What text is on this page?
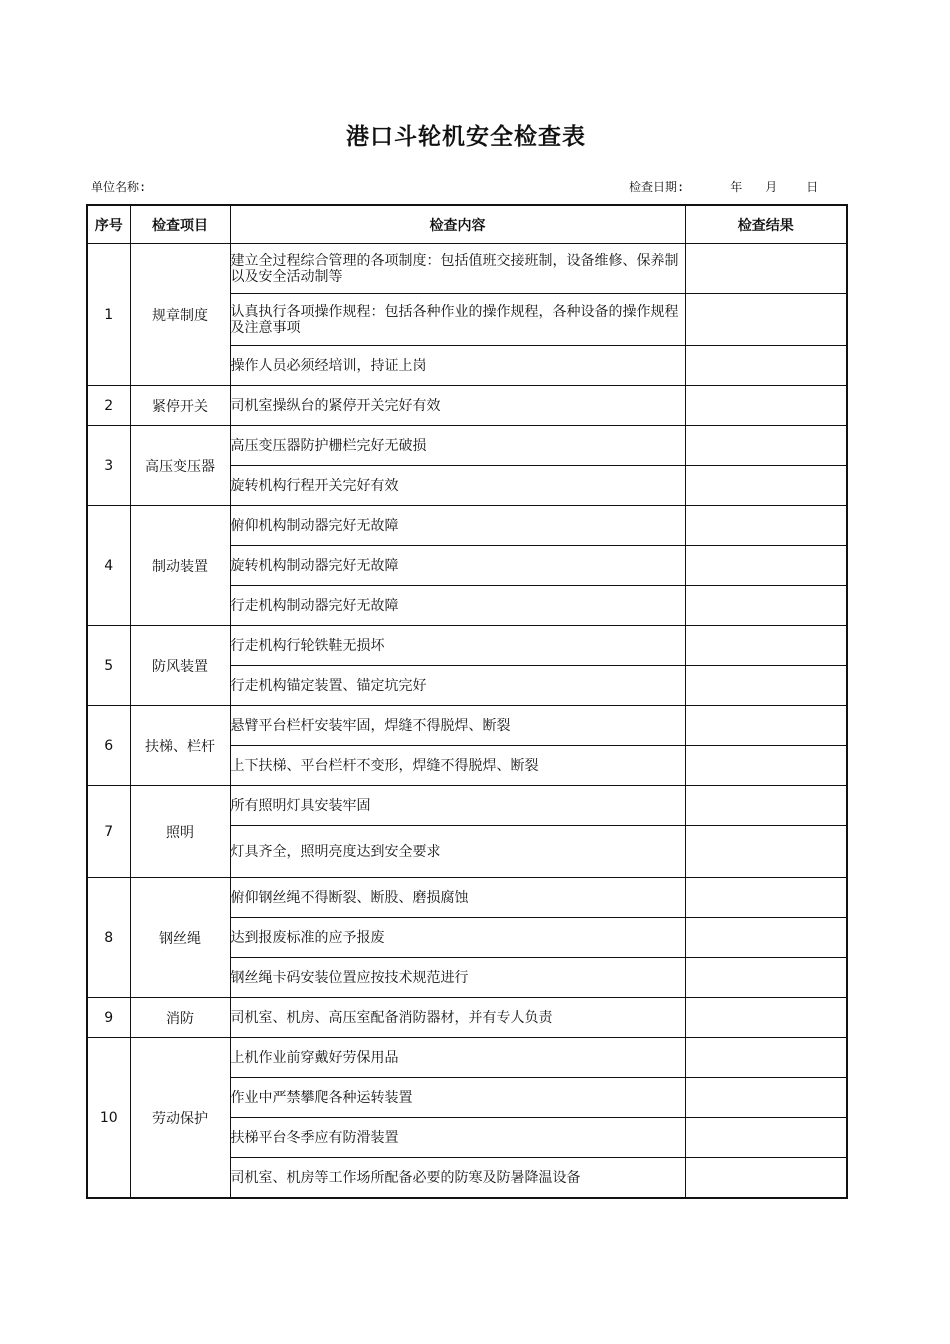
港口斗轮机安全检查表
单位名称:	检查日期:	年 月 日
序号	检查项目	检查内容	检查结果
1	规章制度	建立全过程综合管理的各项制度：包括值班交接班制，设备维修、保养制以及安全活动制等	
		认真执行各项操作规程：包括各种作业的操作规程，各种设备的操作规程及注意事项	
		操作人员必须经培训，持证上岗	
2	紧停开关	司机室操纵台的紧停开关完好有效	
3	高压变压器	高压变压器防护栅栏完好无破损	
		旋转机构行程开关完好有效	
4	制动装置	俯仰机构制动器完好无故障	
		旋转机构制动器完好无故障	
		行走机构制动器完好无故障	
5	防风装置	行走机构行轮铁鞋无损坏	
		行走机构锚定装置、锚定坑完好	
6	扶梯、栏杆	悬臂平台栏杆安装牢固，焊缝不得脱焊、断裂	
		上下扶梯、平台栏杆不变形，焊缝不得脱焊、断裂	
7	照明	所有照明灯具安装牢固	
		灯具齐全，照明亮度达到安全要求	
8	钢丝绳	俯仰钢丝绳不得断裂、断股、磨损腐蚀	
		达到报废标准的应予报废	
		钢丝绳卡码安装位置应按技术规范进行	
9	消防	司机室、机房、高压室配备消防器材，并有专人负责	
10	劳动保护	上机作业前穿戴好劳保用品	
		作业中严禁攀爬各种运转装置	
		扶梯平台冬季应有防滑装置	
		司机室、机房等工作场所配备必要的防寒及防暑降温设备	
